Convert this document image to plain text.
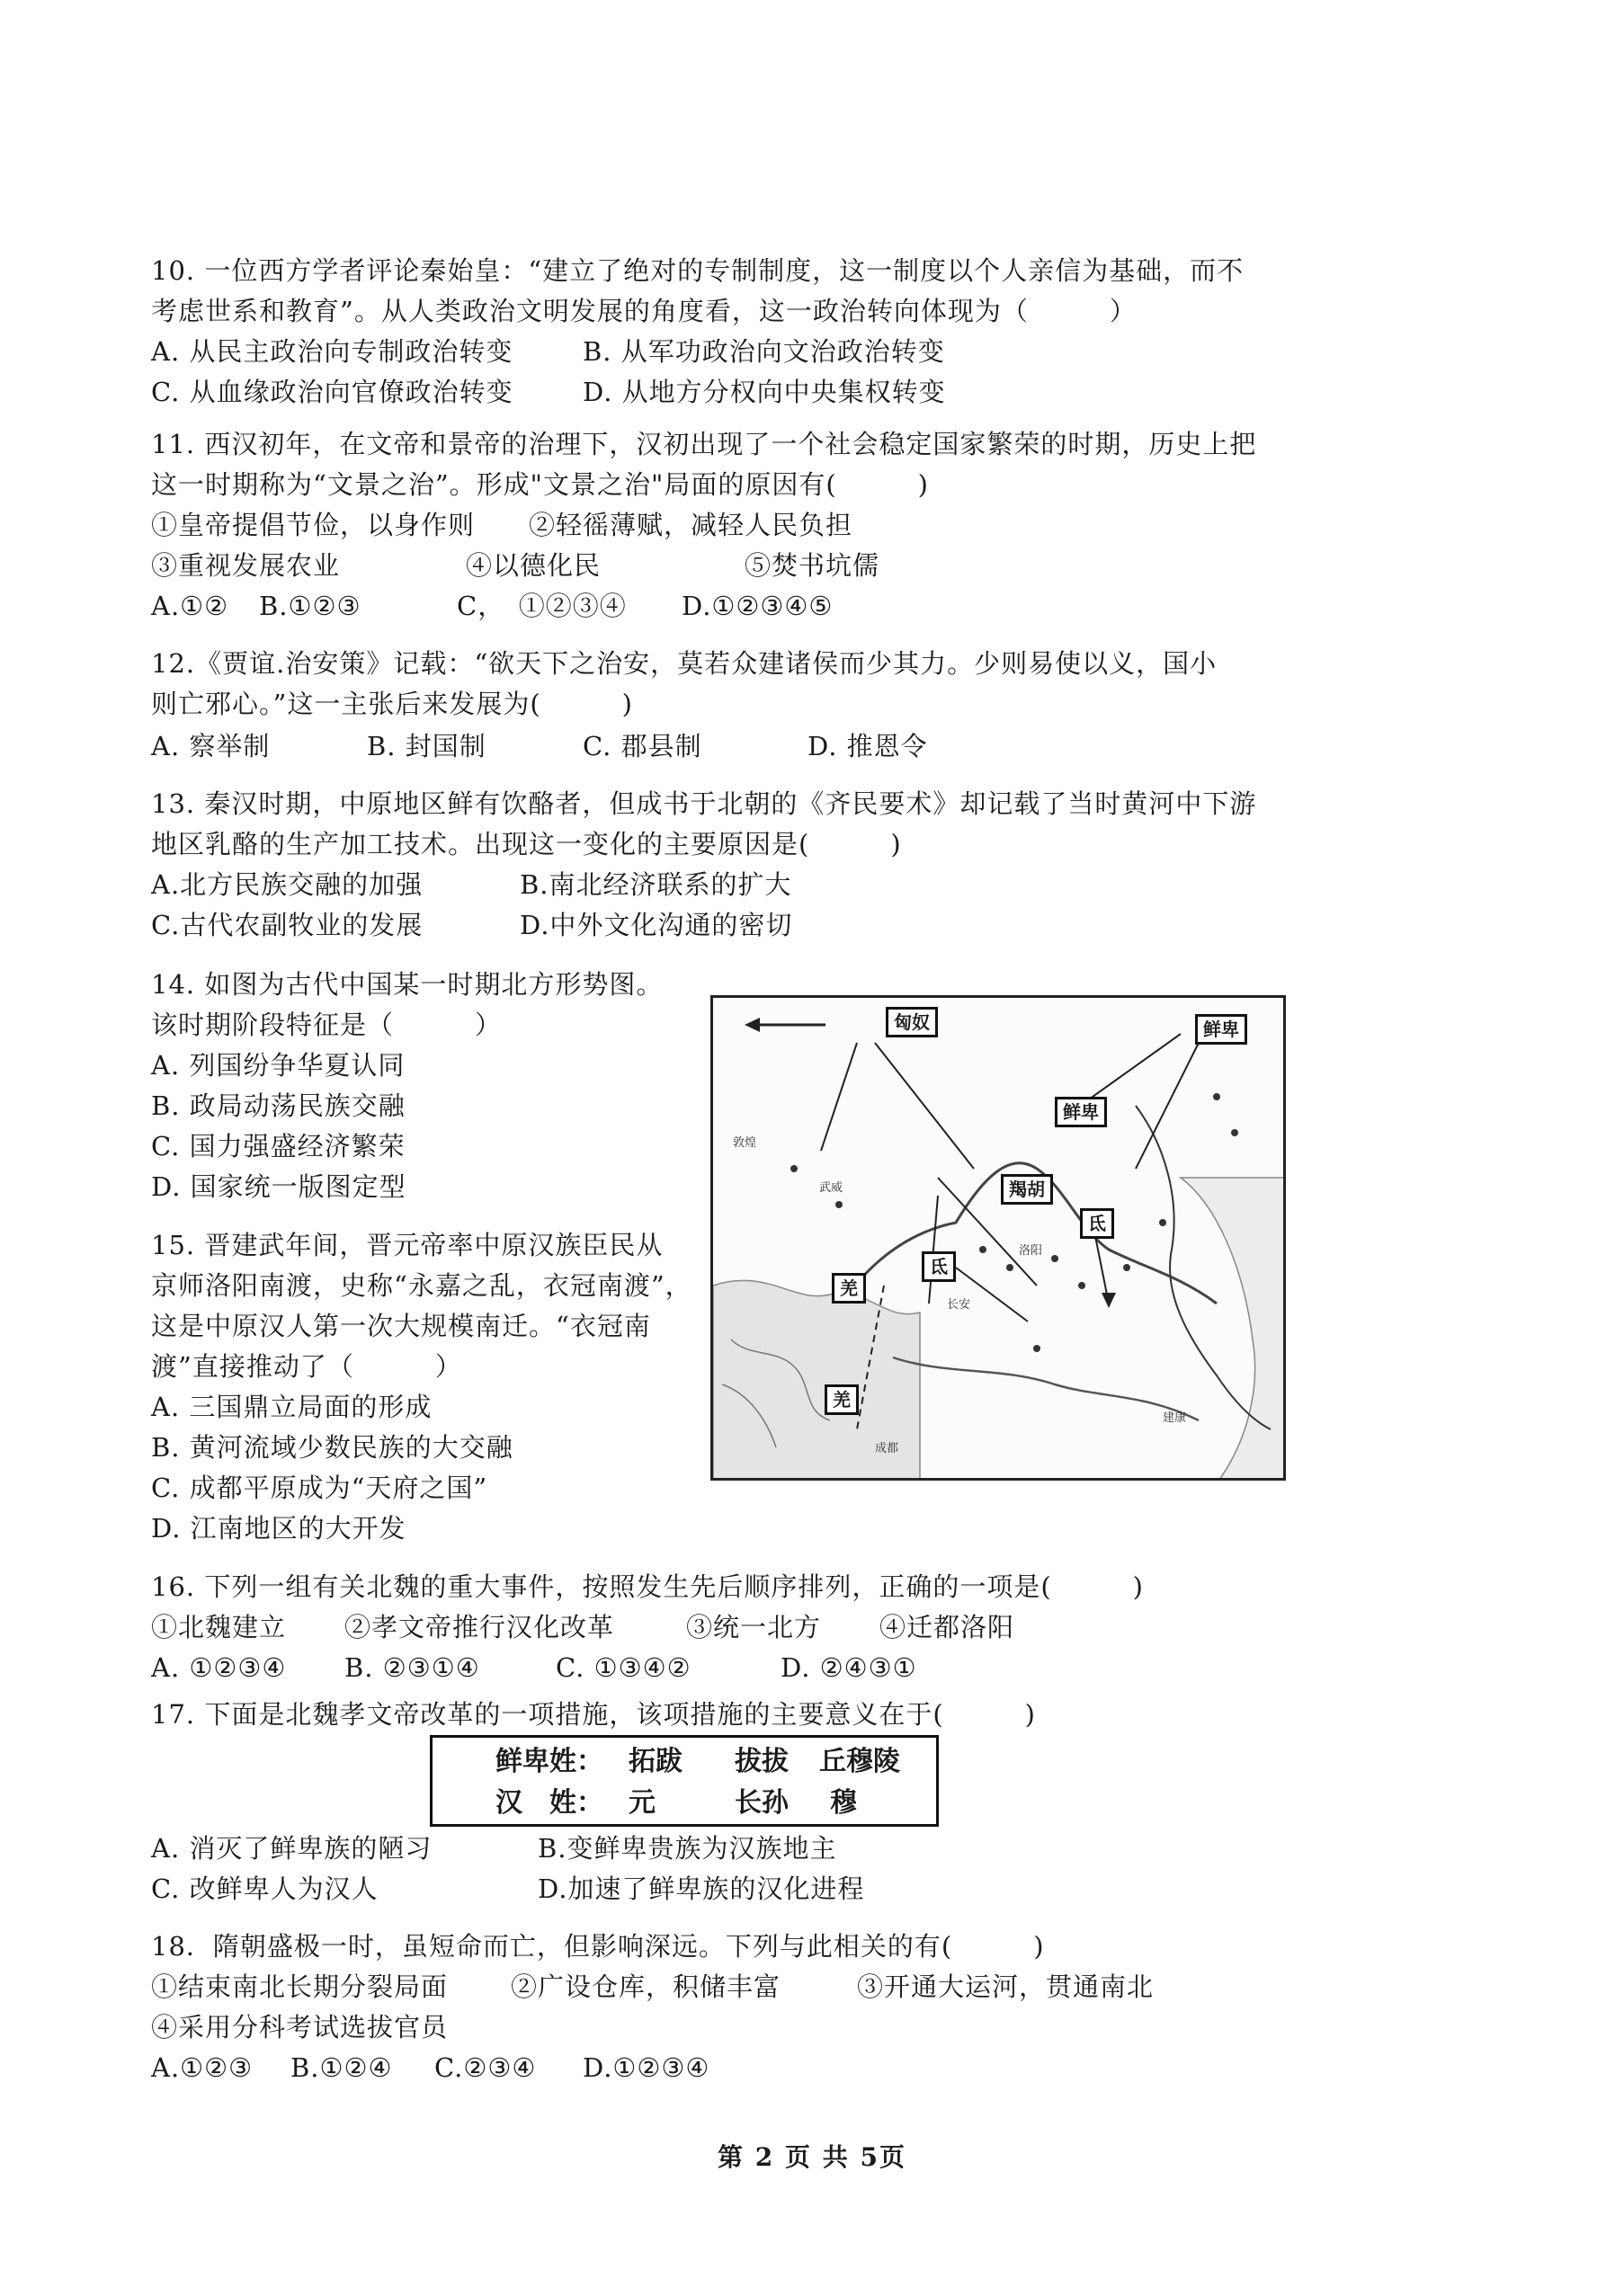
10. 一位西方学者评论秦始皇：“建立了绝对的专制制度，这一制度以个人亲信为基础，而不
考虑世系和教育”。从人类政治文明发展的角度看，这一政治转向体现为（　　　）
A. 从民主政治向专制政治转变	B. 从军功政治向文治政治转变
C. 从血缘政治向官僚政治转变	D. 从地方分权向中央集权转变
11. 西汉初年，在文帝和景帝的治理下，汉初出现了一个社会稳定国家繁荣的时期，历史上把
这一时期称为“文景之治”。形成"文景之治"局面的原因有(　　　)
①皇帝提倡节俭，以身作则 ②轻徭薄赋，减轻人民负担
③重视发展农业	④以德化民	⑤焚书坑儒
A.①② B.①②③	C，　①②③④ D.①②③④⑤
12.《贾谊.治安策》记载：“欲天下之治安，莫若众建诸侯而少其力。少则易使以义，国小
则亡邪心。”这一主张后来发展为(　　　)
A. 察举制	B. 封国制	C. 郡县制	D. 推恩令
13. 秦汉时期，中原地区鲜有饮酪者，但成书于北朝的《齐民要术》却记载了当时黄河中下游
地区乳酪的生产加工技术。出现这一变化的主要原因是(　　　)
A.北方民族交融的加强	B.南北经济联系的扩大
C.古代农副牧业的发展	D.中外文化沟通的密切
14. 如图为古代中国某一时期北方形势图。
该时期阶段特征是（　　　）
A. 列国纷争华夏认同
B. 政局动荡民族交融
C. 国力强盛经济繁荣
D. 国家统一版图定型
匈奴	鲜卑
鲜卑
羯胡
羌
氐
氐
羌
敦煌
武威
洛阳
长安
建康
成都
15. 晋建武年间，晋元帝率中原汉族臣民从
京师洛阳南渡，史称“永嘉之乱，衣冠南渡”，
这是中原汉人第一次大规模南迁。“衣冠南
渡”直接推动了（　　　）
A. 三国鼎立局面的形成
B. 黄河流域少数民族的大交融
C. 成都平原成为“天府之国”
D. 江南地区的大开发
16. 下列一组有关北魏的重大事件，按照发生先后顺序排列，正确的一项是(　　　)
①北魏建立 ②孝文帝推行汉化改革	③统一北方 ④迁都洛阳
A. ①②③④ B. ②③①④	C. ①③④②	D. ②④③①
17. 下面是北魏孝文帝改革的一项措施，该项措施的主要意义在于(　　　)
鲜卑姓： 拓跋 拔拔 丘穆陵
汉　姓： 元	长孙 穆
A. 消灭了鲜卑族的陋习	B.变鲜卑贵族为汉族地主
C. 改鲜卑人为汉人	D.加速了鲜卑族的汉化进程
18．隋朝盛极一时，虽短命而亡，但影响深远。下列与此相关的有(　　　)
①结束南北长期分裂局面 ②广设仓库，积储丰富	③开通大运河，贯通南北
④采用分科考试选拔官员
A.①②③ B.①②④ C.②③④ D.①②③④
第 2 页 共 5页
